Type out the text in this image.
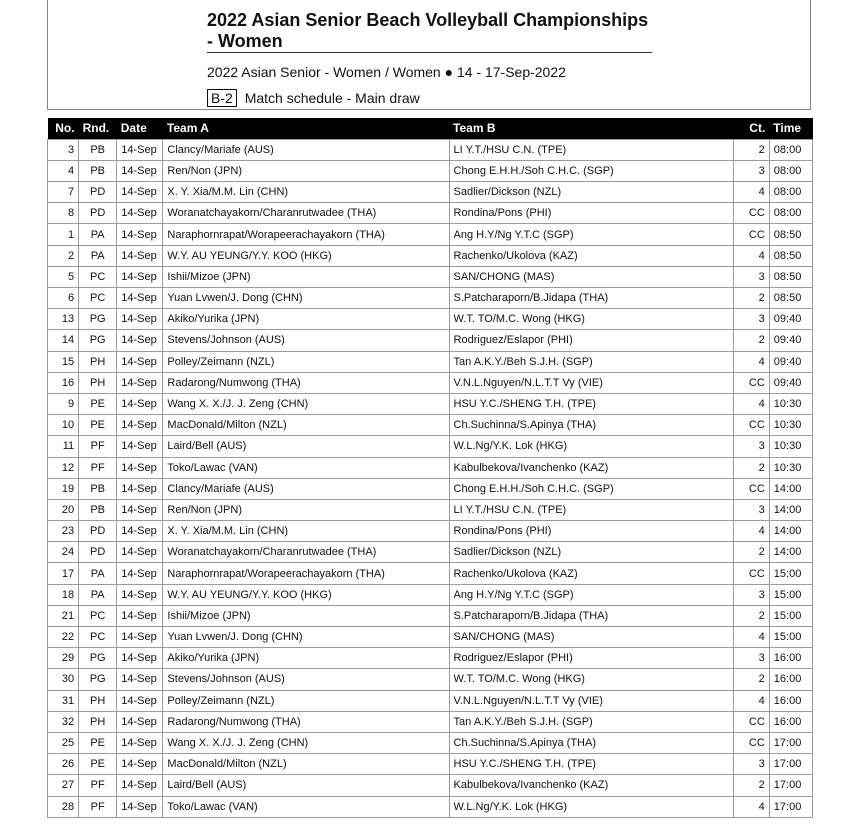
2022 Asian Senior Beach Volleyball Championships - Women
2022 Asian Senior - Women / Women ● 14 - 17-Sep-2022
B-2 Match schedule - Main draw
No.	Rnd.	Date	Team A	Team B	Ct.	Time
3	PB	14-Sep	Clancy/Mariafe (AUS)	LI Y.T./HSU C.N. (TPE)	2	08:00
4	PB	14-Sep	Ren/Non (JPN)	Chong E.H.H./Soh C.H.C. (SGP)	3	08:00
7	PD	14-Sep	X. Y. Xia/M.M. Lin (CHN)	Sadlier/Dickson (NZL)	4	08:00
8	PD	14-Sep	Woranatchayakorn/Charanrutwadee (THA)	Rondina/Pons (PHI)	CC	08:00
1	PA	14-Sep	Naraphornrapat/Worapeerachayakorn (THA)	Ang H.Y/Ng Y.T.C (SGP)	CC	08:50
2	PA	14-Sep	W.Y. AU YEUNG/Y.Y. KOO (HKG)	Rachenko/Ukolova (KAZ)	4	08:50
5	PC	14-Sep	Ishii/Mizoe (JPN)	SAN/CHONG (MAS)	3	08:50
6	PC	14-Sep	Yuan Lvwen/J. Dong (CHN)	S.Patcharaporn/B.Jidapa (THA)	2	08:50
13	PG	14-Sep	Akiko/Yurika (JPN)	W.T. TO/M.C. Wong (HKG)	3	09:40
14	PG	14-Sep	Stevens/Johnson (AUS)	Rodriguez/Eslapor (PHI)	2	09:40
15	PH	14-Sep	Polley/Zeimann (NZL)	Tan A.K.Y./Beh S.J.H. (SGP)	4	09:40
16	PH	14-Sep	Radarong/Numwong (THA)	V.N.L.Nguyen/N.L.T.T Vy (VIE)	CC	09:40
9	PE	14-Sep	Wang X. X./J. J. Zeng (CHN)	HSU Y.C./SHENG T.H. (TPE)	4	10:30
10	PE	14-Sep	MacDonald/Milton (NZL)	Ch.Suchinna/S.Apinya (THA)	CC	10:30
11	PF	14-Sep	Laird/Bell (AUS)	W.L.Ng/Y.K. Lok (HKG)	3	10:30
12	PF	14-Sep	Toko/Lawac (VAN)	Kabulbekova/Ivanchenko (KAZ)	2	10:30
19	PB	14-Sep	Clancy/Mariafe (AUS)	Chong E.H.H./Soh C.H.C. (SGP)	CC	14:00
20	PB	14-Sep	Ren/Non (JPN)	LI Y.T./HSU C.N. (TPE)	3	14:00
23	PD	14-Sep	X. Y. Xia/M.M. Lin (CHN)	Rondina/Pons (PHI)	4	14:00
24	PD	14-Sep	Woranatchayakorn/Charanrutwadee (THA)	Sadlier/Dickson (NZL)	2	14:00
17	PA	14-Sep	Naraphornrapat/Worapeerachayakorn (THA)	Rachenko/Ukolova (KAZ)	CC	15:00
18	PA	14-Sep	W.Y. AU YEUNG/Y.Y. KOO (HKG)	Ang H.Y/Ng Y.T.C (SGP)	3	15:00
21	PC	14-Sep	Ishii/Mizoe (JPN)	S.Patcharaporn/B.Jidapa (THA)	2	15:00
22	PC	14-Sep	Yuan Lvwen/J. Dong (CHN)	SAN/CHONG (MAS)	4	15:00
29	PG	14-Sep	Akiko/Yurika (JPN)	Rodriguez/Eslapor (PHI)	3	16:00
30	PG	14-Sep	Stevens/Johnson (AUS)	W.T. TO/M.C. Wong (HKG)	2	16:00
31	PH	14-Sep	Polley/Zeimann (NZL)	V.N.L.Nguyen/N.L.T.T Vy (VIE)	4	16:00
32	PH	14-Sep	Radarong/Numwong (THA)	Tan A.K.Y./Beh S.J.H. (SGP)	CC	16:00
25	PE	14-Sep	Wang X. X./J. J. Zeng (CHN)	Ch.Suchinna/S.Apinya (THA)	CC	17:00
26	PE	14-Sep	MacDonald/Milton (NZL)	HSU Y.C./SHENG T.H. (TPE)	3	17:00
27	PF	14-Sep	Laird/Bell (AUS)	Kabulbekova/Ivanchenko (KAZ)	2	17:00
28	PF	14-Sep	Toko/Lawac (VAN)	W.L.Ng/Y.K. Lok (HKG)	4	17:00
